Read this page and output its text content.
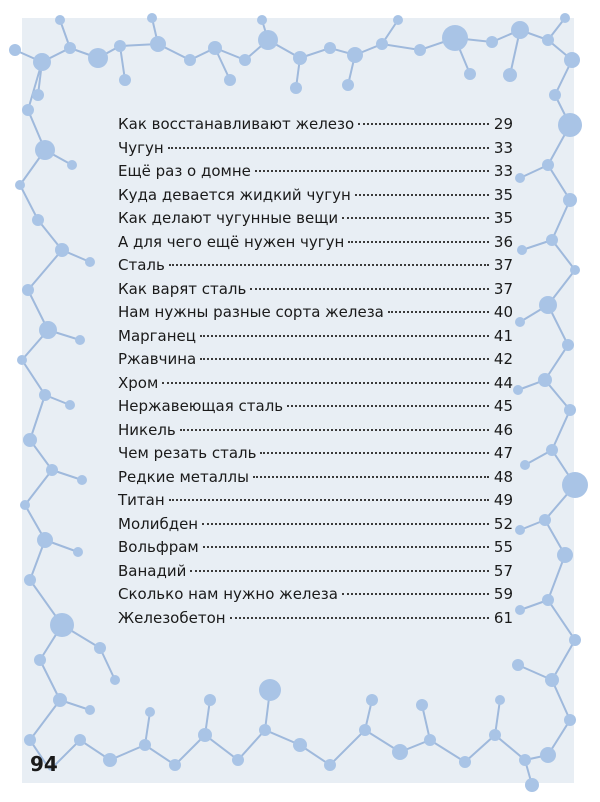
Как восстанавливают железо	29
Чугун	33
Ещё раз о домне	33
Куда девается жидкий чугун	35
Как делают чугунные вещи	35
А для чего ещё нужен чугун	36
Сталь	37
Как варят сталь	37
Нам нужны разные сорта железа	40
Марганец	41
Ржавчина	42
Хром	44
Нержавеющая сталь	45
Никель	46
Чем резать сталь	47
Редкие металлы	48
Титан	49
Молибден	52
Вольфрам	55
Ванадий	57
Сколько нам нужно железа	59
Железобетон	61
94
